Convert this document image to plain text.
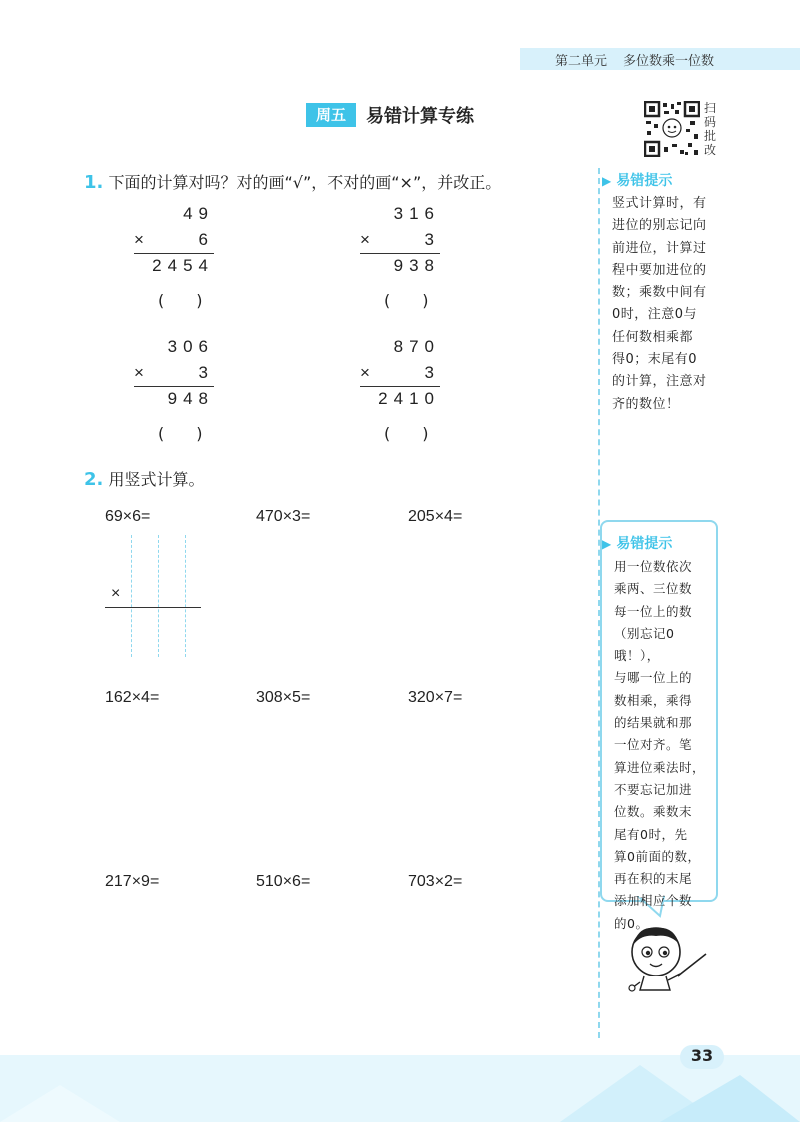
第二单元 多位数乘一位数
周五	易错计算专练	扫
码
批
改
1. 下面的计算对吗？对的画“√”，不对的画“×”，并改正。
49
×	6
2454
(　　)
316
×	3
938
(　　)
306
×	3
948
(　　)
870
×	3
2410
(　　)
2. 用竖式计算。
69×6=	470×3=	205×4=
×
162×4=	308×5=	320×7=
217×9=	510×6=	703×2=
▶ 易错提示
竖式计算时，有
进位的别忘记向
前进位，计算过
程中要加进位的
数；乘数中间有
0时，注意0与
任何数相乘都
得0；末尾有0
的计算，注意对
齐的数位！
▶ 易错提示
用一位数依次
乘两、三位数
每一位上的数
（别忘记0哦！），
与哪一位上的
数相乘，乘得
的结果就和那
一位对齐。笔
算进位乘法时，
不要忘记加进
位数。乘数末
尾有0时，先
算0前面的数，
再在积的末尾
添加相应个数
的0。
33
